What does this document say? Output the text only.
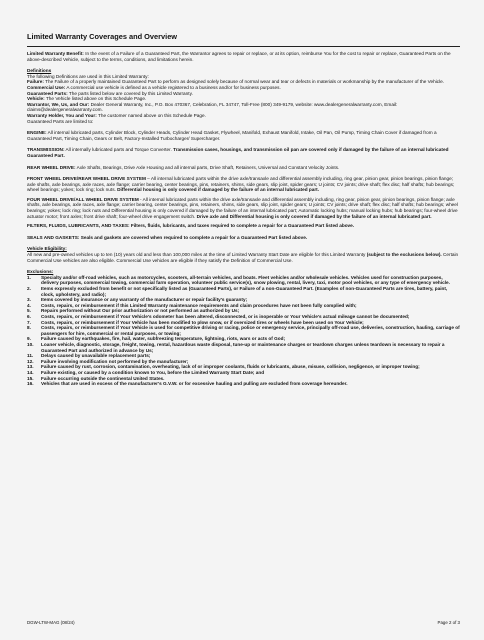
Limited Warranty Coverages and Overview

Limited Warranty Benefit: In the event of a Failure of a Guaranteed Part, the Warrantor agrees to repair or replace, or at its option, reimburse You for the cost to repair or replace, Guaranteed Parts on the above-described Vehicle, subject to the terms, conditions, and limitations herein.

Definitions

The following Definitions are used in this Limited Warranty:

Failure: The Failure of a properly maintained Guaranteed Part to perform as designed solely because of normal wear and tear or defects in materials or workmanship by the manufacturer of the Vehicle.

Commercial Use: A commercial use vehicle is defined as a vehicle registered to a business and/or for business purposes.

Guaranteed Parts: The parts listed below are covered by this Limited Warranty.

Vehicle: The Vehicle listed above on this Schedule Page.

Warrantor, We, Us, and Our: Dealer General Warranty, Inc., P.O. Box 470367, Celebration, FL 34747, Toll-Free (800) 349-9179, website: www.dealergeneralwarranty.com, Email: claims@dealergeneralwarranty.com.

Warranty Holder, You and Your: The customer named above on this Schedule Page.

Guaranteed Parts are limited to:

ENGINE: All internal lubricated parts, Cylinder Block, Cylinder Heads, Cylinder Head Gasket, Flywheel, Manifold, Exhaust Manifold, Intake, Oil Pan, Oil Pump, Timing Chain Cover if damaged from a Guaranteed Part, Timing Chain, Gears or Belt, Factory-Installed Turbocharger/ Supercharger.

TRANSMISSION: All internally lubricated parts and Torque Converter. Transmission cases, housings, and transmission oil pan are covered only if damaged by the failure of an internal lubricated Guaranteed Part.

REAR WHEEL DRIVE: Axle Shafts, Bearings, Drive Axle Housing and all internal parts, Drive Shaft, Retainers, Universal and Constant Velocity Joints.

FRONT WHEEL DRIVE/REAR WHEEL DRIVE SYSTEM – All internal lubricated parts within the drive axle/transaxle and differential assembly including, ring gear, pinion gear, pinion bearings, pinion flange; axle shafts, axle bearings, axle races, axle flange; carrier bearing, center bearings, pins, retainers, shims, side gears, slip joint, spider gears; U joints; CV joints; drive shaft; flex disc; half shafts; hub bearings; wheel bearings; yokes; lock ring; lock nuts. Differential housing is only covered if damaged by the failure of an internal lubricated part.

FOUR WHEEL DRIVE/ALL WHEEL DRIVE SYSTEM - All internal lubricated parts within the drive axle/transaxle and differential assembly including, ring gear, pinion gear, pinion bearings, pinion flange; axle shafts, axle bearings, axle races, axle flange; carrier bearing, center bearings, pins, retainers, shims, side gears, slip joint, spider gears; U joints; CV joints; drive shaft; flex disc; half shafts; hub bearings; wheel bearings; yokes; lock ring; lock nuts and Differential housing is only covered if damaged by the failure of an internal lubricated part; Automatic locking hubs; manual locking hubs; hub bearings; four-wheel drive actuator motor; front axles; front drive shaft; four-wheel drive engagement switch. Drive axle and Differential housing is only covered if damaged by the failure of an internal lubricated part.

FILTERS, FLUIDS, LUBRICANTS, AND TAXES: Filters, fluids, lubricants, and taxes required to complete a repair for a Guaranteed Part listed above.

SEALS AND GASKETS: Seals and gaskets are covered when required to complete a repair for a Guaranteed Part listed above.

Vehicle Eligibility:

All new and pre-owned vehicles up to ten (10) years old and less than 100,000 miles at the time of Limited Warranty Start Date are eligible for this Limited Warranty (subject to the exclusions below). Certain Commercial Use vehicles are also eligible. Commercial Use vehicles are eligible if they satisfy the Definition of Commercial Use.

Exclusions:

1.	Specialty and/or off-road vehicles, such as motorcycles, scooters, all-terrain vehicles, and boats. Fleet vehicles and/or wholesale vehicles. Vehicles used for construction purposes, delivery purposes, commercial towing, commercial farm operation, volunteer public service(s), snow plowing, rental, livery, taxi, motor pool vehicles, or any type of emergency vehicle.
2.	Items expressly excluded from benefit or not specifically listed as (Guaranteed Parts), or Failure of a non-Guaranteed Part. (Examples of non-Guaranteed Parts are tires, battery, paint, clock, upholstery, and radio);
3.	Items covered by insurance or any warranty of the manufacturer or repair facility's guaranty;
4.	Costs, repairs, or reimbursement if this Limited Warranty maintenance requirements and claim procedures have not been fully complied with;
5.	Repairs performed without Our prior authorization or not performed as authorized by Us;
6.	Costs, repairs, or reimbursement if Your Vehicle's odometer has been altered, disconnected, or is inoperable or Your Vehicle's actual mileage cannot be documented;
7.	Costs, repairs, or reimbursement if Your Vehicle has been modified to plow snow, or if oversized tires or wheels have been used on Your Vehicle;
8.	Costs, repairs, or reimbursement if Your Vehicle is used for competitive driving or racing, police or emergency service, principally off-road use, deliveries, construction, hauling, carriage of passengers for hire, commercial or rental purposes, or towing;
9.	Failure caused by earthquakes, fire, hail, water, subfreezing temperature, lightning, riots, wars or acts of God;
10.	Loaner vehicle, diagnostic, storage, freight, towing, rental, hazardous waste disposal, tune-up or maintenance charges or teardown charges unless teardown is necessary to repair a Guaranteed Part and authorized in advance by Us;
11.	Delays caused by unavailable replacement parts;
12.	Failure involving modification not performed by the manufacturer;
13.	Failure caused by rust, corrosion, contamination, overheating, lack of or improper coolants, fluids or lubricants, abuse, misuse, collision, negligence, or improper towing;
14.	Failure existing, or caused by a condition known to You, before the Limited Warranty Start Date; and
15.	Failure occurring outside the continental United States.
16.	Vehicles that are used in excess of the manufacturer's G.V.W. or for excessive hauling and pulling are excluded from coverage hereunder.
DGW-LTW-MAG (08/24)	Page 2 of 3
